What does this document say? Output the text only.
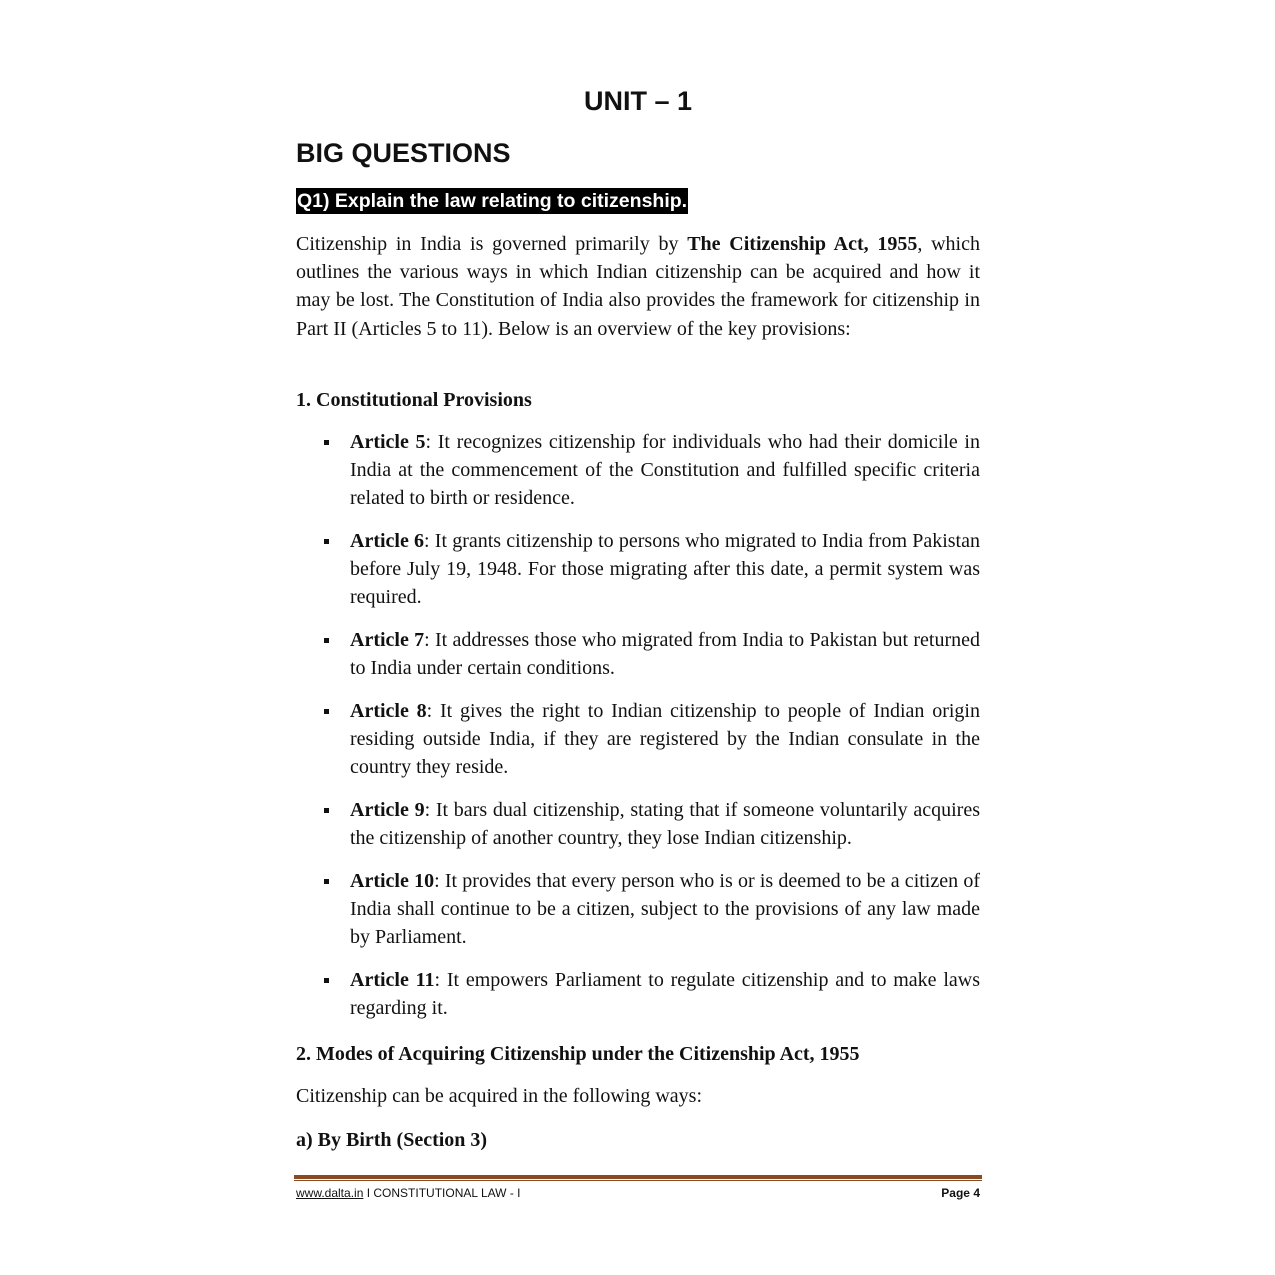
UNIT – 1
BIG QUESTIONS

Q1) Explain the law relating to citizenship.

Citizenship in India is governed primarily by The Citizenship Act, 1955, which outlines the various ways in which Indian citizenship can be acquired and how it may be lost. The Constitution of India also provides the framework for citizenship in Part II (Articles 5 to 11). Below is an overview of the key provisions:

1. Constitutional Provisions

Article 5: It recognizes citizenship for individuals who had their domicile in India at the commencement of the Constitution and fulfilled specific criteria related to birth or residence.
Article 6: It grants citizenship to persons who migrated to India from Pakistan before July 19, 1948. For those migrating after this date, a permit system was required.
Article 7: It addresses those who migrated from India to Pakistan but returned to India under certain conditions.
Article 8: It gives the right to Indian citizenship to people of Indian origin residing outside India, if they are registered by the Indian consulate in the country they reside.
Article 9: It bars dual citizenship, stating that if someone voluntarily acquires the citizenship of another country, they lose Indian citizenship.
Article 10: It provides that every person who is or is deemed to be a citizen of India shall continue to be a citizen, subject to the provisions of any law made by Parliament.
Article 11: It empowers Parliament to regulate citizenship and to make laws regarding it.

2. Modes of Acquiring Citizenship under the Citizenship Act, 1955

Citizenship can be acquired in the following ways:

a) By Birth (Section 3)

www.dalta.in I CONSTITUTIONAL LAW - I	Page 4
